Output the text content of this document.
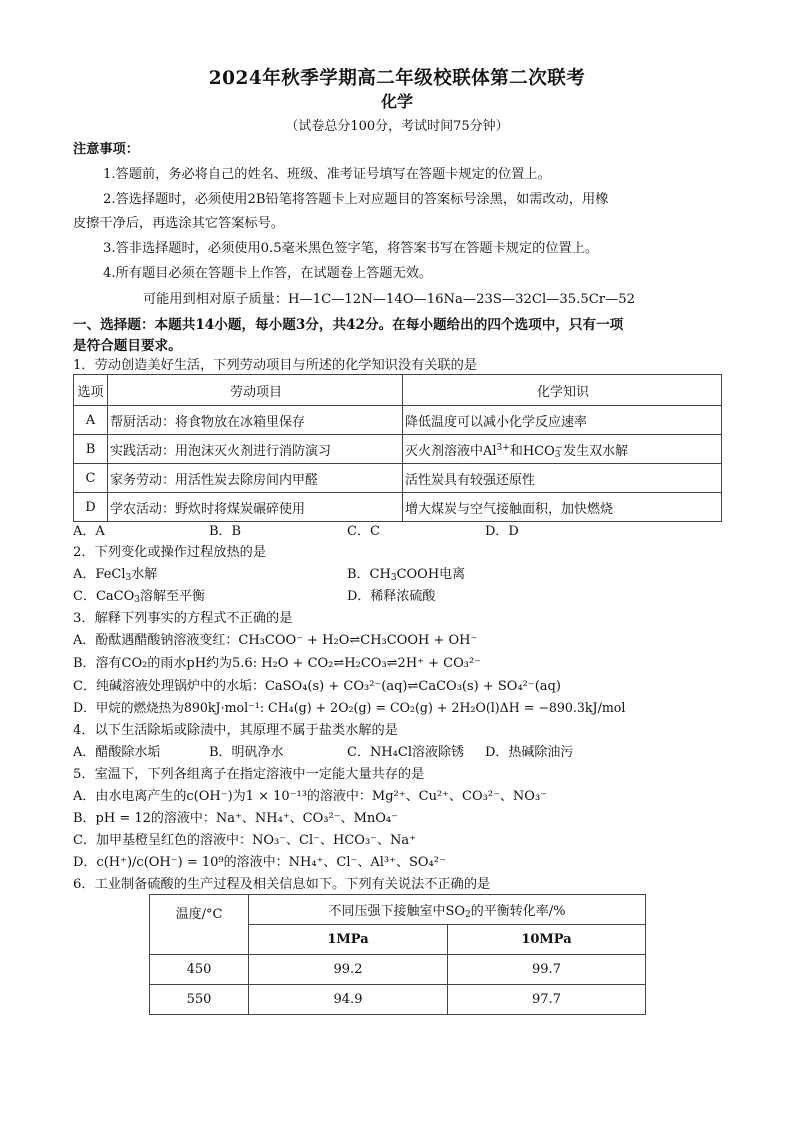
2024年秋季学期高二年级校联体第二次联考
化学
（试卷总分100分，考试时间75分钟）
注意事项：
1.答题前，务必将自己的姓名、班级、准考证号填写在答题卡规定的位置上。
2.答选择题时，必须使用2B铅笔将答题卡上对应题目的答案标号涂黑，如需改动，用橡
皮擦干净后，再选涂其它答案标号。
3.答非选择题时，必须使用0.5毫米黑色签字笔，将答案书写在答题卡规定的位置上。
4.所有题目必须在答题卡上作答，在试题卷上答题无效。
可能用到相对原子质量：H—1C—12N—14O—16Na—23S—32Cl—35.5Cr—52
一、选择题：本题共14小题，每小题3分，共42分。在每小题给出的四个选项中，只有一项
是符合题目要求。
1．劳动创造美好生活，下列劳动项目与所述的化学知识没有关联的是
选项	劳动项目	化学知识
A	帮厨活动：将食物放在冰箱里保存	降低温度可以减小化学反应速率
B	实践活动：用泡沫灭火剂进行消防演习	灭火剂溶液中$Al^{3+}$和$HCO_3^-$发生双水解
C	家务劳动：用活性炭去除房间内甲醛	活性炭具有较强还原性
D	学农活动：野炊时将煤炭碾碎使用	增大煤炭与空气接触面积，加快燃烧
A．A	B．B	C．C	D．D
2．下列变化或操作过程放热的是
A．FeCl$_3$水解	B．$CH_3COOH$电离
C．CaCO$_3$溶解至平衡	D．稀释浓硫酸
3．解释下列事实的方程式不正确的是
A．酚酞遇醋酸钠溶液变红：CH₃COO⁻ + H₂O⇌CH₃COOH + OH⁻
B．溶有CO₂的雨水pH约为5.6: H₂O + CO₂⇌H₂CO₃⇌2H⁺ + CO₃²⁻
C．纯碱溶液处理锅炉中的水垢：CaSO₄(s) + CO₃²⁻(aq)⇌CaCO₃(s) + SO₄²⁻(aq)
D．甲烷的燃烧热为890kJ·mol⁻¹: CH₄(g) + 2O₂(g) = CO₂(g) + 2H₂O(l)ΔH = −890.3kJ/mol
4．以下生活除垢或除渍中，其原理不属于盐类水解的是
A．醋酸除水垢	B．明矾净水	C．NH₄Cl溶液除锈 D．热碱除油污
5．室温下，下列各组离子在指定溶液中一定能大量共存的是
A．由水电离产生的c(OH⁻)为1 × 10⁻¹³的溶液中：Mg²⁺、Cu²⁺、CO₃²⁻、NO₃⁻
B．pH = 12的溶液中：Na⁺、NH₄⁺、CO₃²⁻、MnO₄⁻
C．加甲基橙呈红色的溶液中：NO₃⁻、Cl⁻、HCO₃⁻、Na⁺
D．c(H⁺)/c(OH⁻) = 10⁹的溶液中：NH₄⁺、Cl⁻、Al³⁺、SO₄²⁻
6．工业制备硫酸的生产过程及相关信息如下。下列有关说法不正确的是
温度/°C	不同压强下接触室中$SO_2$的平衡转化率/%	
	1MPa	10MPa
450	99.2	99.7
550	94.9	97.7
